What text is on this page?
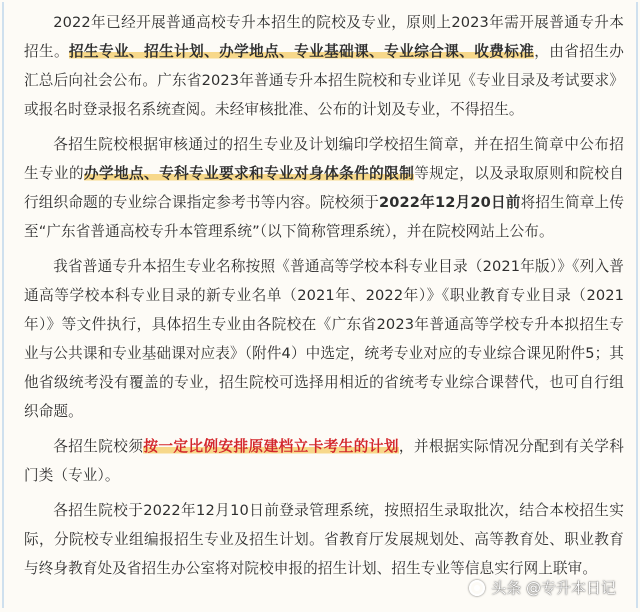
2022年已经开展普通高校专升本招生的院校及专业，原则上2023年需开展普通专升本招生。招生专业、招生计划、办学地点、专业基础课、专业综合课、收费标准，由省招生办汇总后向社会公布。广东省2023年普通专升本招生院校和专业详见《专业目录及考试要求》或报名时登录报名系统查阅。未经审核批准、公布的计划及专业，不得招生。

各招生院校根据审核通过的招生专业及计划编印学校招生简章，并在招生简章中公布招生专业的办学地点、专科专业要求和专业对身体条件的限制等规定，以及录取原则和院校自行组织命题的专业综合课指定参考书等内容。院校须于2022年12月20日前将招生简章上传至“广东省普通高校专升本管理系统”（以下简称管理系统），并在院校网站上公布。

我省普通专升本招生专业名称按照《普通高等学校本科专业目录（2021年版）》《列入普通高等学校本科专业目录的新专业名单（2021年、2022年）》《职业教育专业目录（2021年）》等文件执行，具体招生专业由各院校在《广东省2023年普通高等学校专升本拟招生专业与公共课和专业基础课对应表》（附件4）中选定，统考专业对应的专业综合课见附件5；其他省级统考没有覆盖的专业，招生院校可选择用相近的省统考专业综合课替代，也可自行组织命题。

各招生院校须按一定比例安排原建档立卡考生的计划，并根据实际情况分配到有关学科门类（专业）。

各招生院校于2022年12月10日前登录管理系统，按照招生录取批次，结合本校招生实际，分院校专业组编报招生专业及招生计划。省教育厅发展规划处、高等教育处、职业教育与终身教育处及省招生办公室将对院校申报的招生计划、招生专业等信息实行网上联审。

头条 @专升本日记
